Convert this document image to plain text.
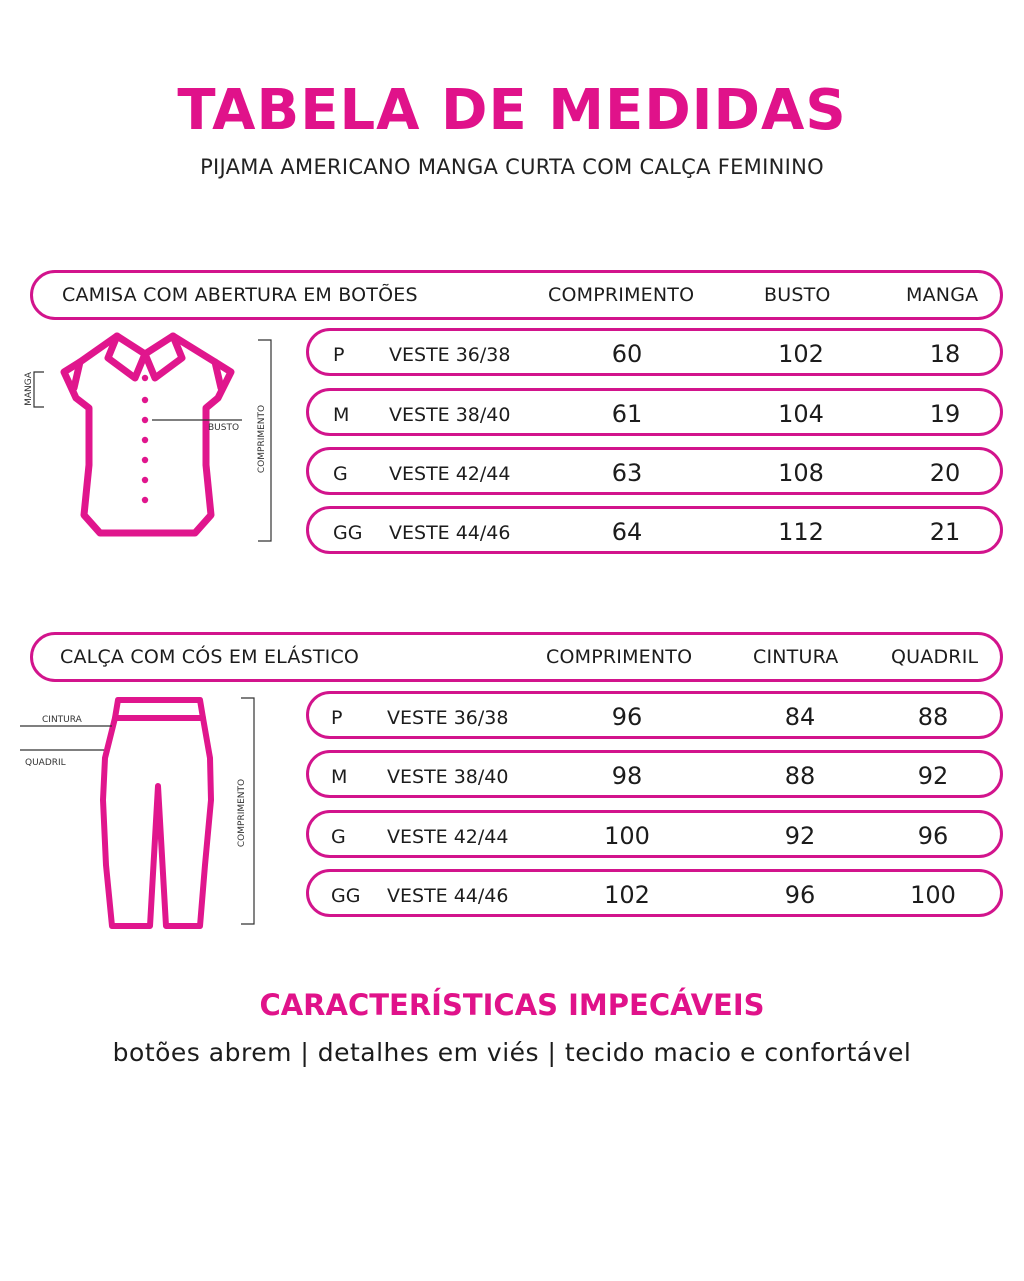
TABELA DE MEDIDAS
PIJAMA AMERICANO MANGA CURTA COM CALÇA FEMININO
CAMISA COM ABERTURA EM BOTÕES	COMPRIMENTO	BUSTO	MANGA
P VESTE 36/38	60	102	18
M VESTE 38/40	61	104	19
G VESTE 42/44	63	108	20
GG VESTE 44/46	64	112	21
MANGA
BUSTO COMPRIMENTO
CALÇA COM CÓS EM ELÁSTICO	COMPRIMENTO	CINTURA	QUADRIL
P VESTE 36/38	96	84	88
M VESTE 38/40	98	88	92
G VESTE 42/44	100	92	96
GG VESTE 44/46	102	96	100
CINTURA
QUADRIL
COMPRIMENTO
CARACTERÍSTICAS IMPECÁVEIS
botões abrem | detalhes em viés | tecido macio e confortável
